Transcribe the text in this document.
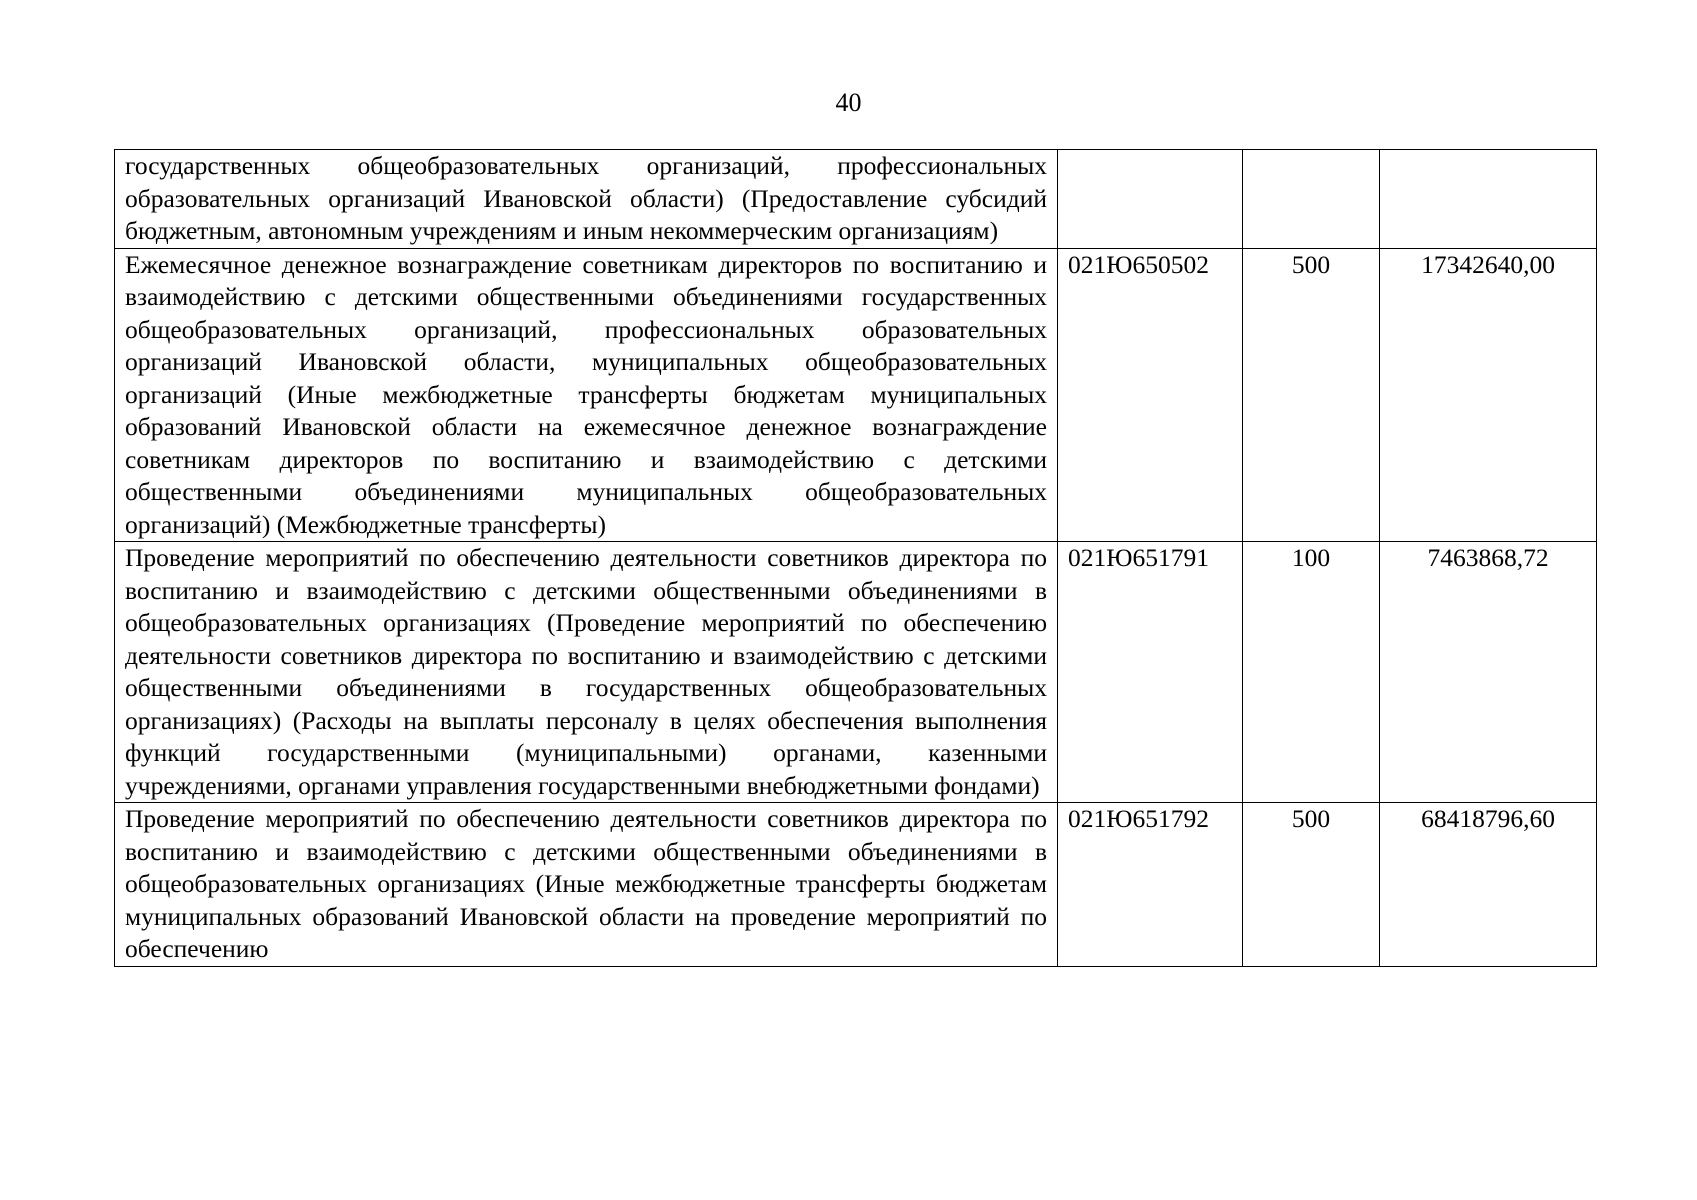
40
государственных общеобразовательных организаций, профессиональных образовательных организаций Ивановской области) (Предоставление субсидий бюджетным, автономным учреждениям и иным некоммерческим организациям)			
Ежемесячное денежное вознаграждение советникам директоров по воспитанию и взаимодействию с детскими общественными объединениями государственных общеобразовательных организаций, профессиональных образовательных организаций Ивановской области, муниципальных общеобразовательных организаций (Иные межбюджетные трансферты бюджетам муниципальных образований Ивановской области на ежемесячное денежное вознаграждение советникам директоров по воспитанию и взаимодействию с детскими общественными объединениями муниципальных общеобразовательных организаций) (Межбюджетные трансферты)	021Ю650502	500	17342640,00
Проведение мероприятий по обеспечению деятельности советников директора по воспитанию и взаимодействию с детскими общественными объединениями в общеобразовательных организациях (Проведение мероприятий по обеспечению деятельности советников директора по воспитанию и взаимодействию с детскими общественными объединениями в государственных общеобразовательных организациях) (Расходы на выплаты персоналу в целях обеспечения выполнения функций государственными (муниципальными) органами, казенными учреждениями, органами управления государственными внебюджетными фондами)	021Ю651791	100	7463868,72
Проведение мероприятий по обеспечению деятельности советников директора по воспитанию и взаимодействию с детскими общественными объединениями в общеобразовательных организациях (Иные межбюджетные трансферты бюджетам муниципальных образований Ивановской области на проведение мероприятий по обеспечению	021Ю651792	500	68418796,60
